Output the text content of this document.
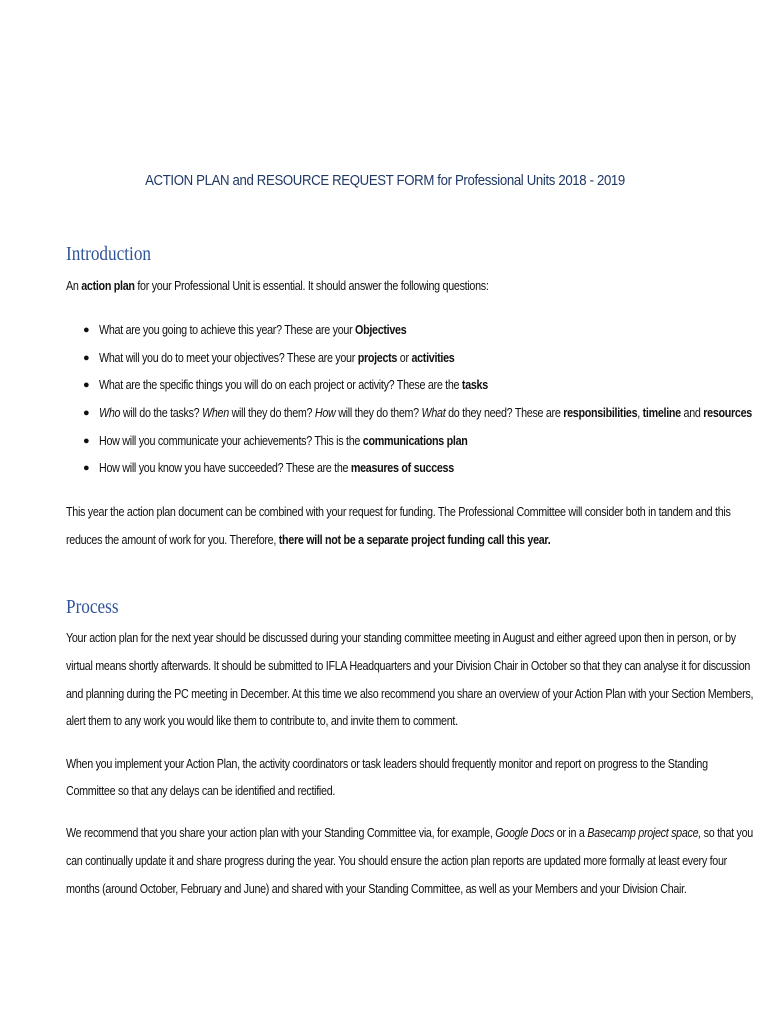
ACTION PLAN and RESOURCE REQUEST FORM for Professional Units 2018 - 2019
Introduction
An action plan for your Professional Unit is essential. It should answer the following questions:
● What are you going to achieve this year? These are your Objectives
● What will you do to meet your objectives? These are your projects or activities
● What are the specific things you will do on each project or activity? These are the tasks
● Who will do the tasks? When will they do them? How will they do them? What do they need? These are responsibilities, timeline and resources
● How will you communicate your achievements? This is the communications plan
● How will you know you have succeeded? These are the measures of success
This year the action plan document can be combined with your request for funding. The Professional Committee will consider both in tandem and this
reduces the amount of work for you. Therefore, there will not be a separate project funding call this year.
Process
Your action plan for the next year should be discussed during your standing committee meeting in August and either agreed upon then in person, or by
virtual means shortly afterwards. It should be submitted to IFLA Headquarters and your Division Chair in October so that they can analyse it for discussion
and planning during the PC meeting in December. At this time we also recommend you share an overview of your Action Plan with your Section Members,
alert them to any work you would like them to contribute to, and invite them to comment.
When you implement your Action Plan, the activity coordinators or task leaders should frequently monitor and report on progress to the Standing
Committee so that any delays can be identified and rectified.
We recommend that you share your action plan with your Standing Committee via, for example, Google Docs or in a Basecamp project space, so that you
can continually update it and share progress during the year. You should ensure the action plan reports are updated more formally at least every four
months (around October, February and June) and shared with your Standing Committee, as well as your Members and your Division Chair.
